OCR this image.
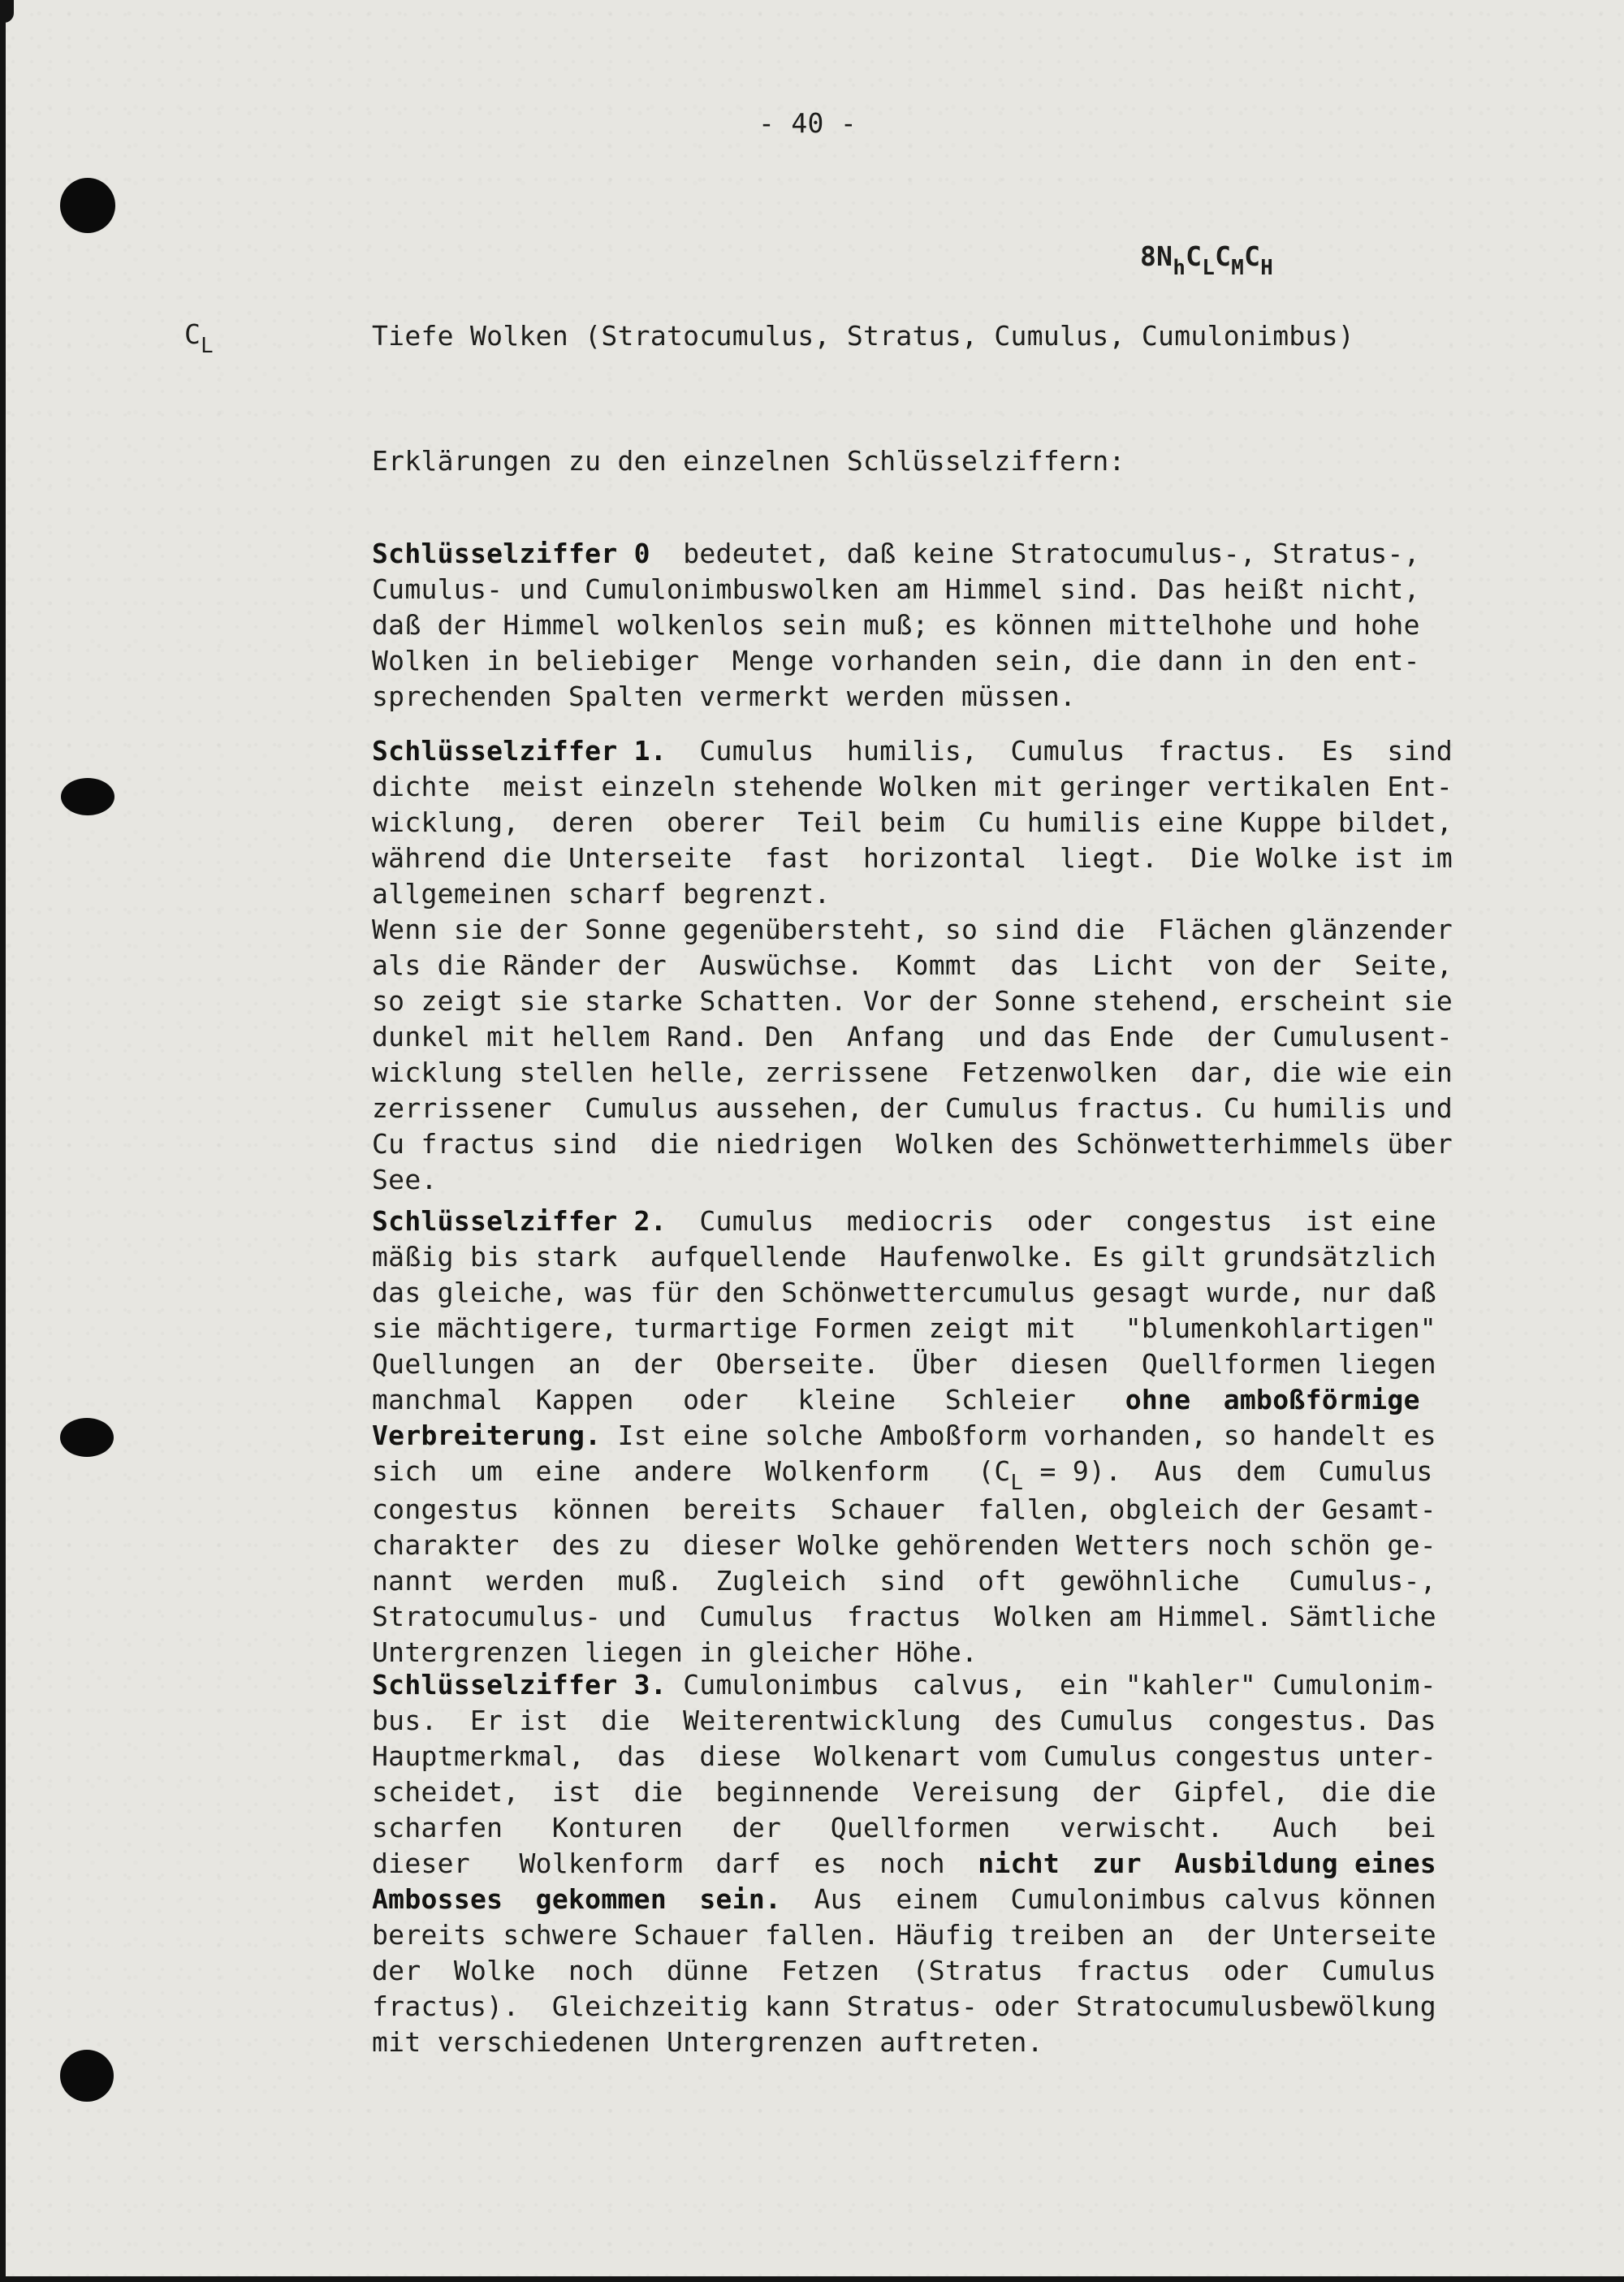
- 40 -
$8N_hC_LC_MC_H$
$C_L$	Tiefe Wolken (Stratocumulus, Stratus, Cumulus, Cumulonimbus)
Erklärungen zu den einzelnen Schlüsselziffern:
Schlüsselziffer 0  bedeutet, daß keine Stratocumulus-, Stratus-,
Cumulus- und Cumulonimbuswolken am Himmel sind. Das heißt nicht,
daß der Himmel wolkenlos sein muß; es können mittelhohe und hohe
Wolken in beliebiger  Menge vorhanden sein, die dann in den ent-
sprechenden Spalten vermerkt werden müssen.
Schlüsselziffer 1.  Cumulus  humilis,  Cumulus  fractus.  Es  sind
dichte  meist einzeln stehende Wolken mit geringer vertikalen Ent-
wicklung,  deren  oberer  Teil beim  Cu humilis eine Kuppe bildet,
während die Unterseite  fast  horizontal  liegt.  Die Wolke ist im
allgemeinen scharf begrenzt.
Wenn sie der Sonne gegenübersteht, so sind die  Flächen glänzender
als die Ränder der  Auswüchse.  Kommt  das  Licht  von der  Seite,
so zeigt sie starke Schatten. Vor der Sonne stehend, erscheint sie
dunkel mit hellem Rand. Den  Anfang  und das Ende  der Cumulusent-
wicklung stellen helle, zerrissene  Fetzenwolken  dar, die wie ein
zerrissener  Cumulus aussehen, der Cumulus fractus. Cu humilis und
Cu fractus sind  die niedrigen  Wolken des Schönwetterhimmels über
See.
Schlüsselziffer 2.  Cumulus  mediocris  oder  congestus  ist eine
mäßig bis stark  aufquellende  Haufenwolke. Es gilt grundsätzlich
das gleiche, was für den Schönwettercumulus gesagt wurde, nur daß
sie mächtigere, turmartige Formen zeigt mit   "blumenkohlartigen"
Quellungen  an  der  Oberseite.  Über  diesen  Quellformen liegen
manchmal  Kappen   oder   kleine   Schleier   ohne  amboßförmige
Verbreiterung. Ist eine solche Amboßform vorhanden, so handelt es
sich  um  eine  andere  Wolkenform   $(C_L = 9)$.  Aus  dem  Cumulus
congestus  können  bereits  Schauer  fallen, obgleich der Gesamt-
charakter  des zu  dieser Wolke gehörenden Wetters noch schön ge-
nannt  werden  muß.  Zugleich  sind  oft  gewöhnliche   Cumulus-,
Stratocumulus- und  Cumulus  fractus  Wolken am Himmel. Sämtliche
Untergrenzen liegen in gleicher Höhe.
Schlüsselziffer 3. Cumulonimbus  calvus,  ein "kahler" Cumulonim-
bus.  Er ist  die  Weiterentwicklung  des Cumulus  congestus. Das
Hauptmerkmal,  das  diese  Wolkenart vom Cumulus congestus unter-
scheidet,  ist  die  beginnende  Vereisung  der  Gipfel,  die die
scharfen   Konturen   der   Quellformen   verwischt.   Auch   bei
dieser   Wolkenform  darf  es  noch  nicht  zur  Ausbildung eines
Ambosses  gekommen  sein.  Aus  einem  Cumulonimbus calvus können
bereits schwere Schauer fallen. Häufig treiben an  der Unterseite
der  Wolke  noch  dünne  Fetzen  (Stratus  fractus  oder  Cumulus
fractus).  Gleichzeitig kann Stratus- oder Stratocumulusbewölkung
mit verschiedenen Untergrenzen auftreten.
